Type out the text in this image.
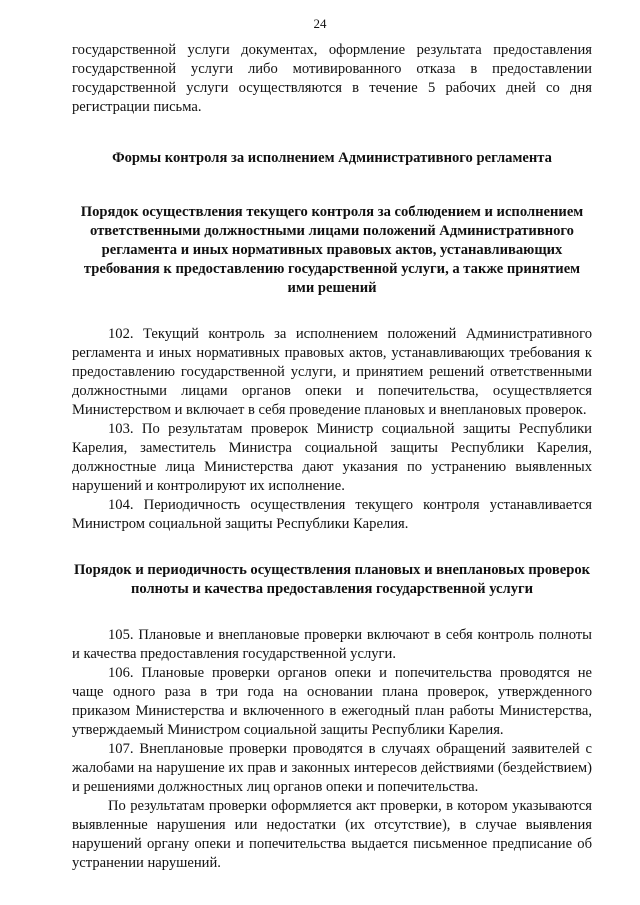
24

государственной услуги документах, оформление результата предоставления государственной услуги либо мотивированного отказа в предоставлении государственной услуги осуществляются в течение 5 рабочих дней со дня регистрации письма.

Формы контроля за исполнением Административного регламента
Порядок осуществления текущего контроля за соблюдением и исполнением ответственными должностными лицами положений Административного регламента и иных нормативных правовых актов, устанавливающих требования к предоставлению государственной услуги, а также принятием ими решений

102. Текущий контроль за исполнением положений Административного регламента и иных нормативных правовых актов, устанавливающих требования к предоставлению государственной услуги, и принятием решений ответственными должностными лицами органов опеки и попечительства, осуществляется Министерством и включает в себя проведение плановых и внеплановых проверок.

103. По результатам проверок Министр социальной защиты Республики Карелия, заместитель Министра социальной защиты Республики Карелия, должностные лица Министерства дают указания по устранению выявленных нарушений и контролируют их исполнение.

104. Периодичность осуществления текущего контроля устанавливается Министром социальной защиты Республики Карелия.

Порядок и периодичность осуществления плановых и внеплановых проверок полноты и качества предоставления государственной услуги

105. Плановые и внеплановые проверки включают в себя контроль полноты и качества предоставления государственной услуги.

106. Плановые проверки органов опеки и попечительства проводятся не чаще одного раза в три года на основании плана проверок, утвержденного приказом Министерства и включенного в ежегодный план работы Министерства, утверждаемый Министром социальной защиты Республики Карелия.

107. Внеплановые проверки проводятся в случаях обращений заявителей с жалобами на нарушение их прав и законных интересов действиями (бездействием) и решениями должностных лиц органов опеки и попечительства.

По результатам проверки оформляется акт проверки, в котором указываются выявленные нарушения или недостатки (их отсутствие), в случае выявления нарушений органу опеки и попечительства выдается письменное предписание об устранении нарушений.
